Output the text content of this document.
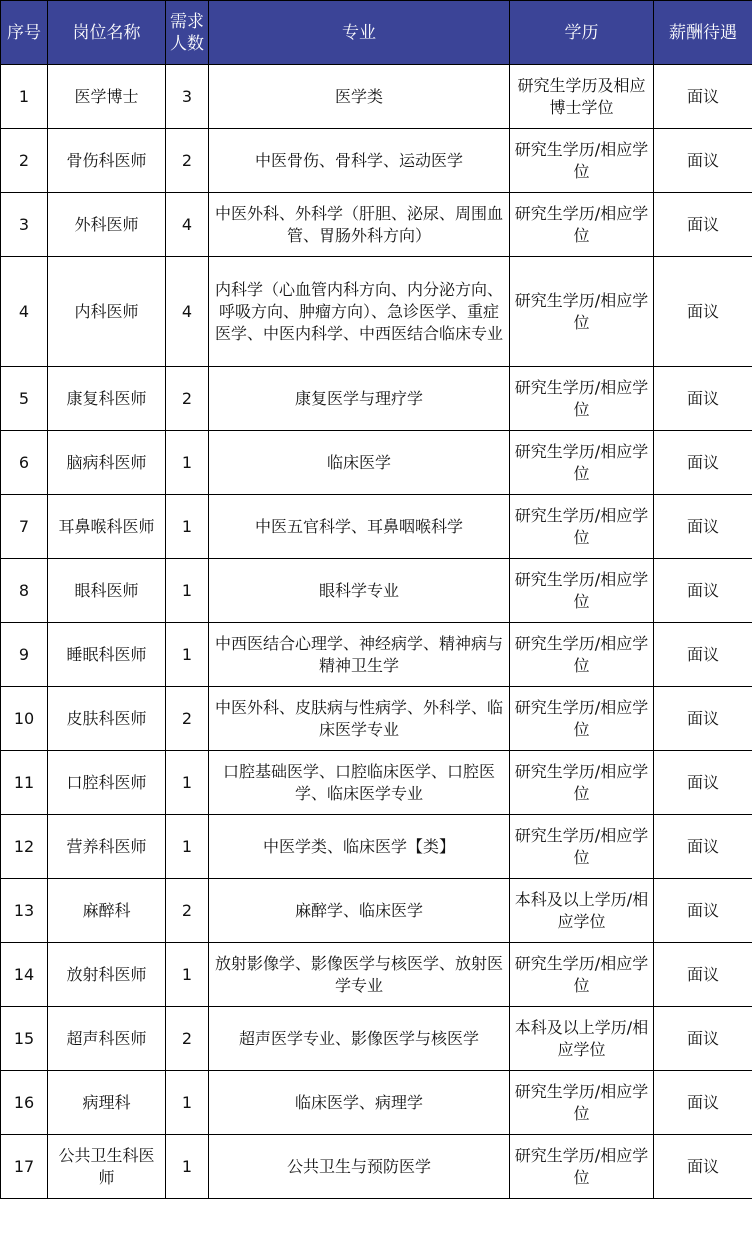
序号	岗位名称	需求人数	专业	学历	薪酬待遇
1	医学博士	3	医学类	研究生学历及相应博士学位	面议
2	骨伤科医师	2	中医骨伤、骨科学、运动医学	研究生学历/相应学位	面议
3	外科医师	4	中医外科、外科学（肝胆、泌尿、周围血管、胃肠外科方向）	研究生学历/相应学位	面议
4	内科医师	4	内科学（心血管内科方向、内分泌方向、呼吸方向、肿瘤方向）、急诊医学、重症医学、中医内科学、中西医结合临床专业	研究生学历/相应学位	面议
5	康复科医师	2	康复医学与理疗学	研究生学历/相应学位	面议
6	脑病科医师	1	临床医学	研究生学历/相应学位	面议
7	耳鼻喉科医师	1	中医五官科学、耳鼻咽喉科学	研究生学历/相应学位	面议
8	眼科医师	1	眼科学专业	研究生学历/相应学位	面议
9	睡眠科医师	1	中西医结合心理学、神经病学、精神病与精神卫生学	研究生学历/相应学位	面议
10	皮肤科医师	2	中医外科、皮肤病与性病学、外科学、临床医学专业	研究生学历/相应学位	面议
11	口腔科医师	1	口腔基础医学、口腔临床医学、口腔医学、临床医学专业	研究生学历/相应学位	面议
12	营养科医师	1	中医学类、临床医学【类】	研究生学历/相应学位	面议
13	麻醉科	2	麻醉学、临床医学	本科及以上学历/相应学位	面议
14	放射科医师	1	放射影像学、影像医学与核医学、放射医学专业	研究生学历/相应学位	面议
15	超声科医师	2	超声医学专业、影像医学与核医学	本科及以上学历/相应学位	面议
16	病理科	1	临床医学、病理学	研究生学历/相应学位	面议
17	公共卫生科医师	1	公共卫生与预防医学	研究生学历/相应学位	面议
